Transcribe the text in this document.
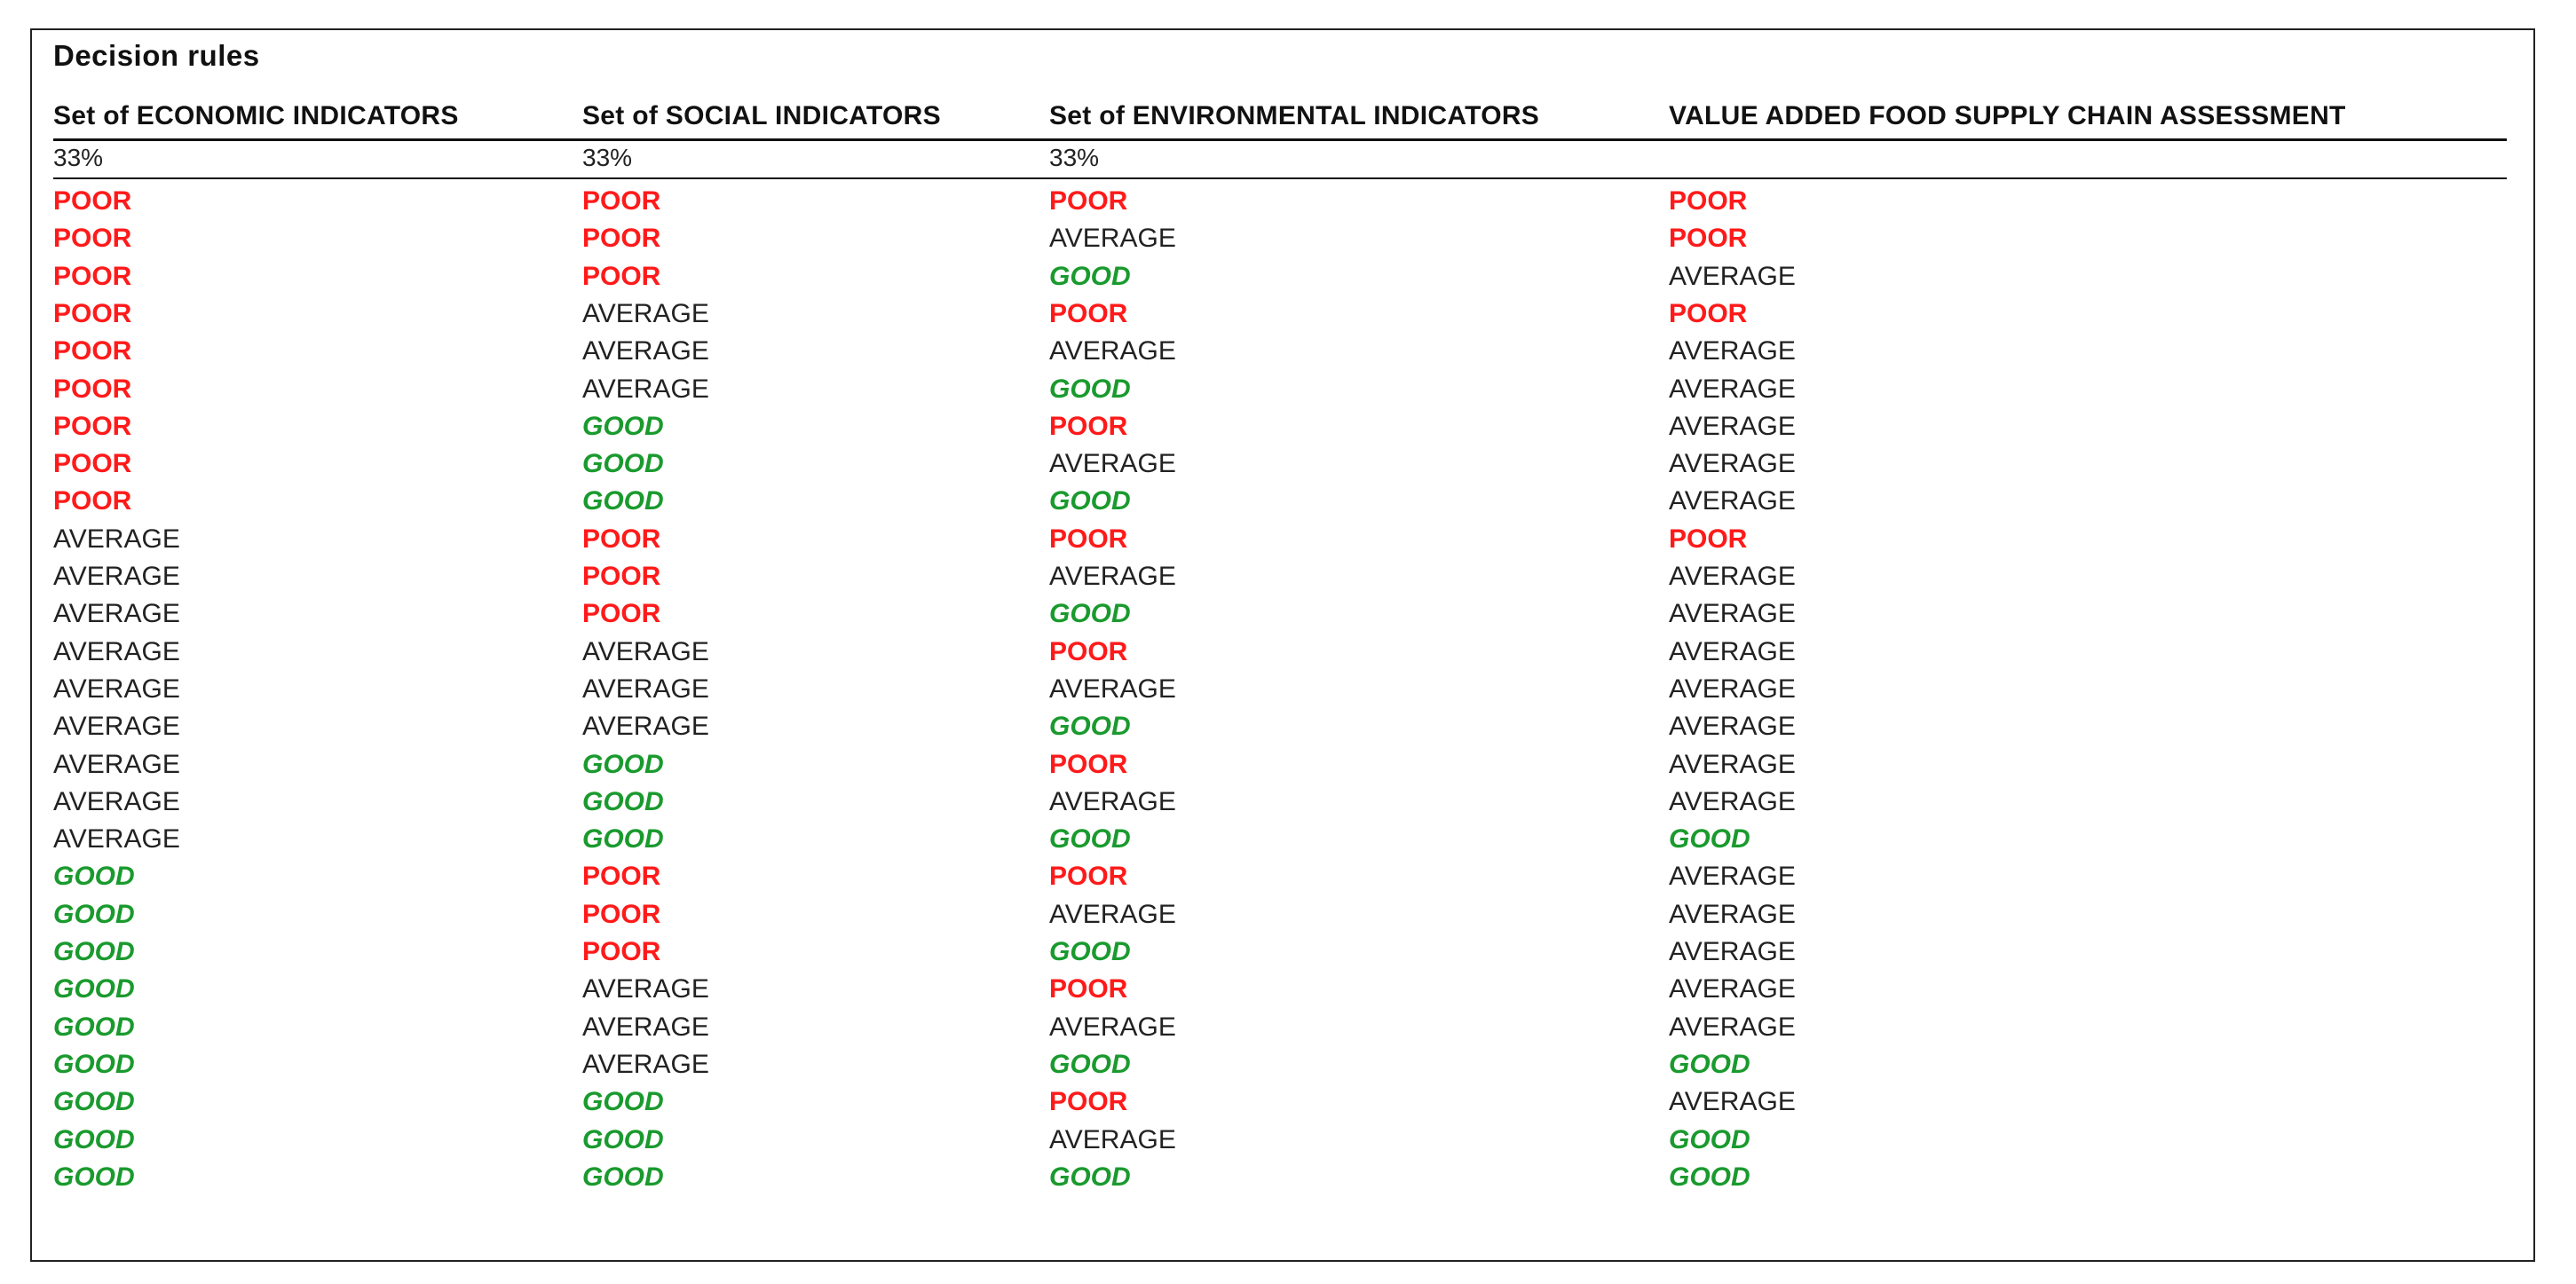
Decision rules
Set of ECONOMIC INDICATORS	Set of SOCIAL INDICATORS	Set of ENVIRONMENTAL INDICATORS	VALUE ADDED FOOD SUPPLY CHAIN ASSESSMENT
33%	33%	33%
POOR	POOR	POOR	POOR
POOR	POOR	AVERAGE	POOR
POOR	POOR	GOOD	AVERAGE
POOR	AVERAGE	POOR	POOR
POOR	AVERAGE	AVERAGE	AVERAGE
POOR	AVERAGE	GOOD	AVERAGE
POOR	GOOD	POOR	AVERAGE
POOR	GOOD	AVERAGE	AVERAGE
POOR	GOOD	GOOD	AVERAGE
AVERAGE	POOR	POOR	POOR
AVERAGE	POOR	AVERAGE	AVERAGE
AVERAGE	POOR	GOOD	AVERAGE
AVERAGE	AVERAGE	POOR	AVERAGE
AVERAGE	AVERAGE	AVERAGE	AVERAGE
AVERAGE	AVERAGE	GOOD	AVERAGE
AVERAGE	GOOD	POOR	AVERAGE
AVERAGE	GOOD	AVERAGE	AVERAGE
AVERAGE	GOOD	GOOD	GOOD
GOOD	POOR	POOR	AVERAGE
GOOD	POOR	AVERAGE	AVERAGE
GOOD	POOR	GOOD	AVERAGE
GOOD	AVERAGE	POOR	AVERAGE
GOOD	AVERAGE	AVERAGE	AVERAGE
GOOD	AVERAGE	GOOD	GOOD
GOOD	GOOD	POOR	AVERAGE
GOOD	GOOD	AVERAGE	GOOD
GOOD	GOOD	GOOD	GOOD
